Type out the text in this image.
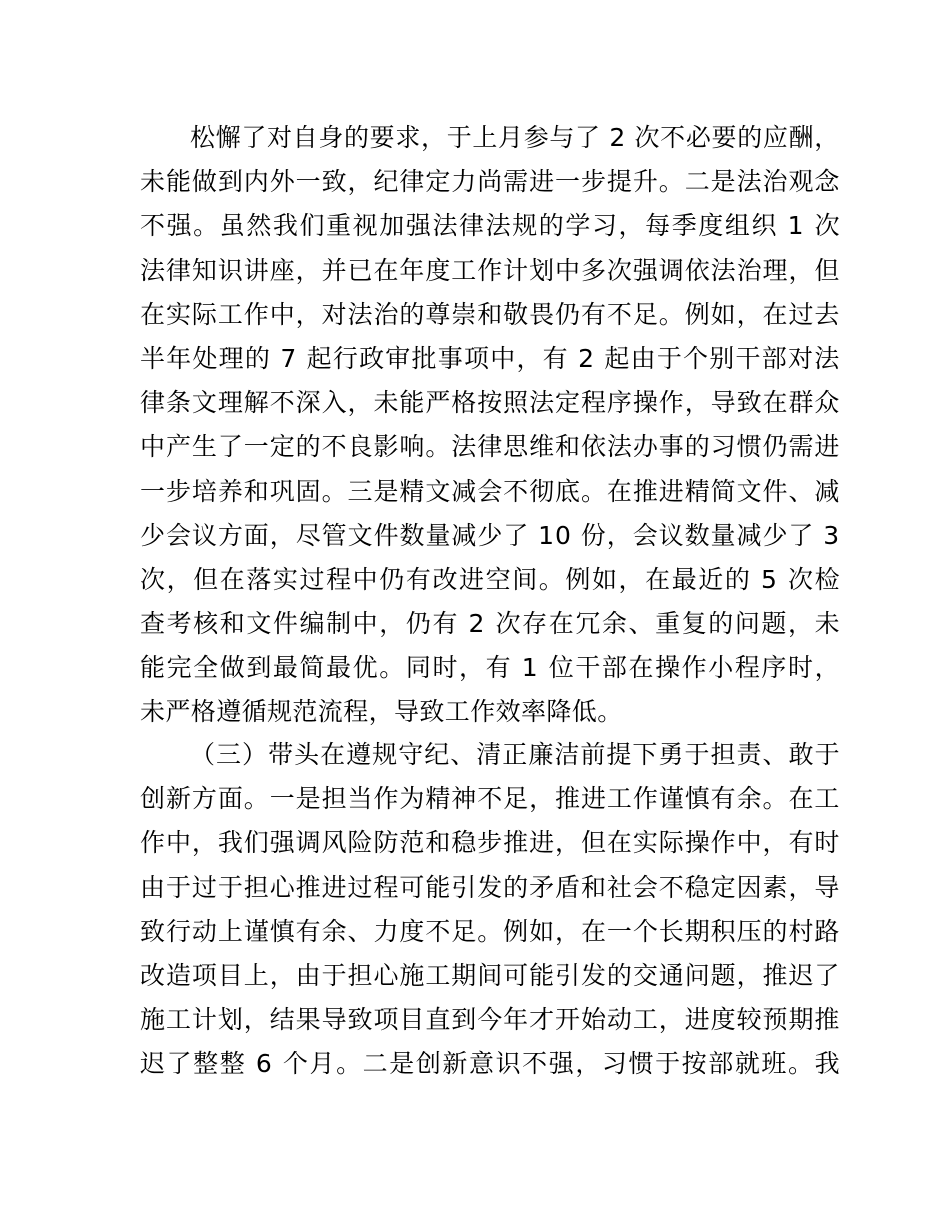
松懈了对自身的要求，于上月参与了 2 次不必要的应酬，
未能做到内外一致，纪律定力尚需进一步提升。二是法治观念
不强。虽然我们重视加强法律法规的学习，每季度组织 1 次
法律知识讲座，并已在年度工作计划中多次强调依法治理，但
在实际工作中，对法治的尊崇和敬畏仍有不足。例如，在过去
半年处理的 7 起行政审批事项中，有 2 起由于个别干部对法
律条文理解不深入，未能严格按照法定程序操作，导致在群众
中产生了一定的不良影响。法律思维和依法办事的习惯仍需进
一步培养和巩固。三是精文减会不彻底。在推进精简文件、减
少会议方面，尽管文件数量减少了 10 份，会议数量减少了 3
次，但在落实过程中仍有改进空间。例如，在最近的 5 次检
查考核和文件编制中，仍有 2 次存在冗余、重复的问题，未
能完全做到最简最优。同时，有 1 位干部在操作小程序时，
未严格遵循规范流程，导致工作效率降低。
（三）带头在遵规守纪、清正廉洁前提下勇于担责、敢于
创新方面。一是担当作为精神不足，推进工作谨慎有余。在工
作中，我们强调风险防范和稳步推进，但在实际操作中，有时
由于过于担心推进过程可能引发的矛盾和社会不稳定因素，导
致行动上谨慎有余、力度不足。例如，在一个长期积压的村路
改造项目上，由于担心施工期间可能引发的交通问题，推迟了
施工计划，结果导致项目直到今年才开始动工，进度较预期推
迟了整整 6 个月。二是创新意识不强，习惯于按部就班。我
